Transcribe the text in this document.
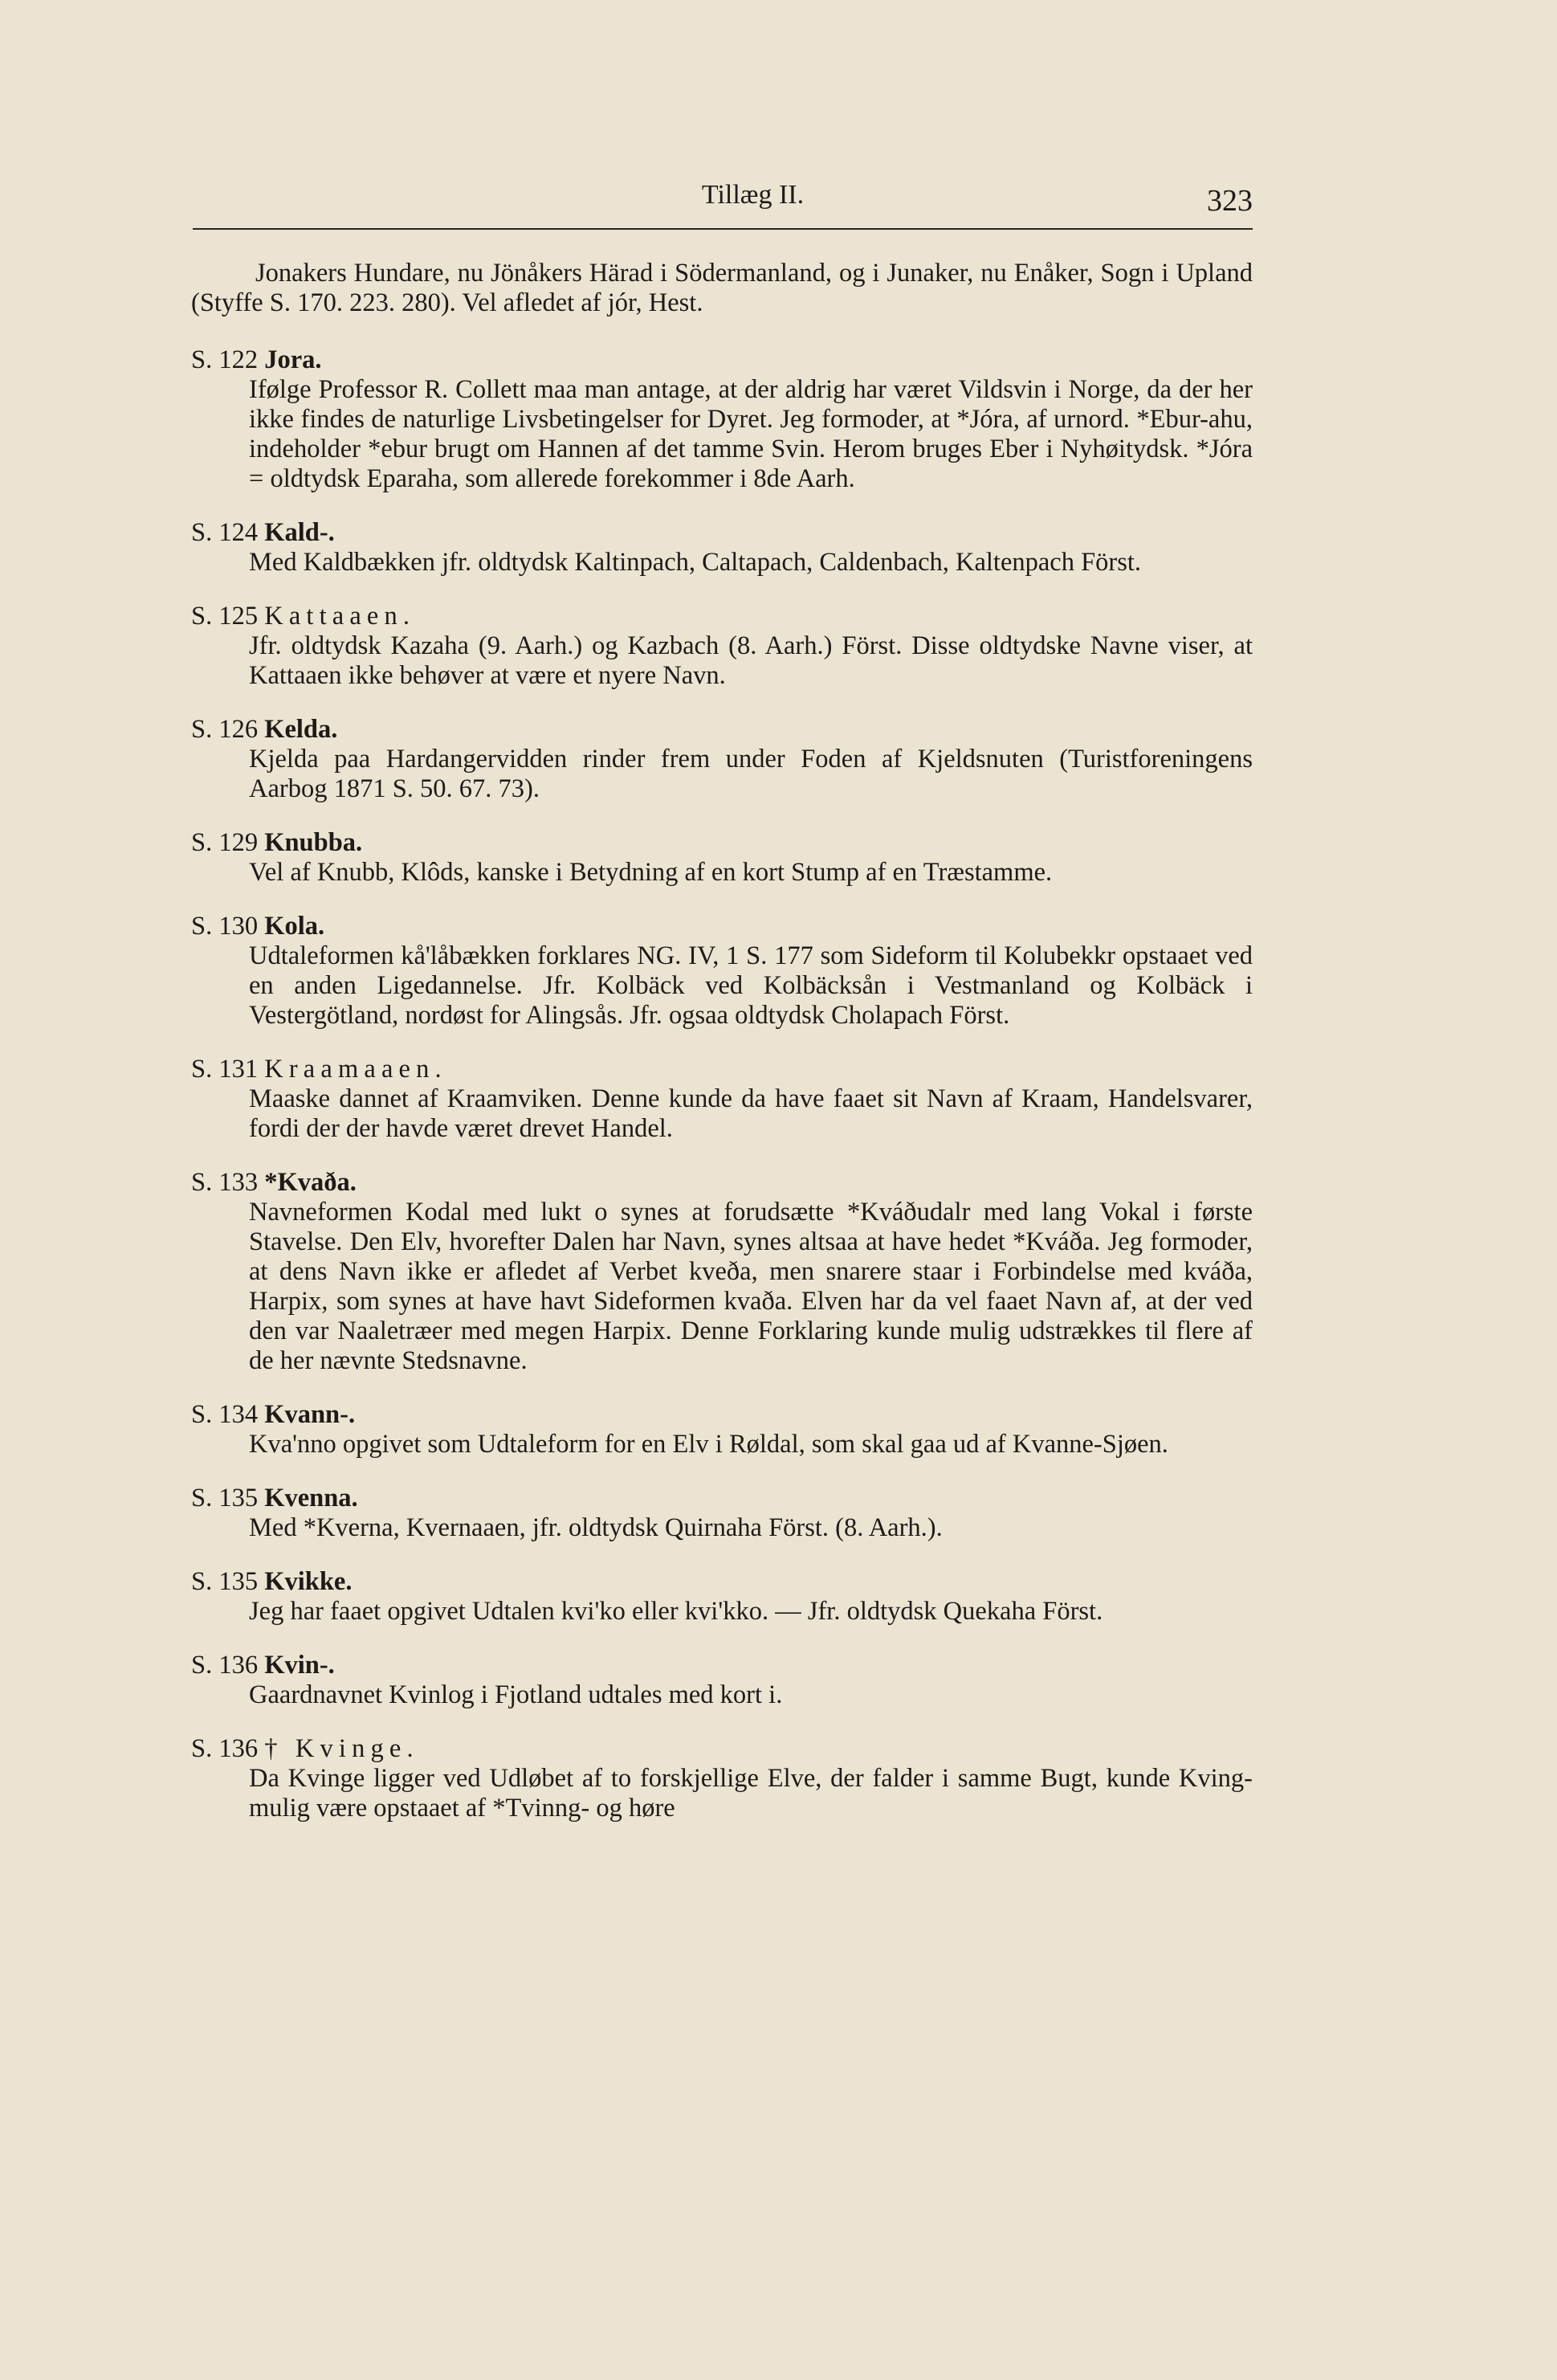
Tillæg II.	323

Jonakers Hundare, nu Jönåkers Härad i Södermanland, og i Junaker, nu Enåker, Sogn i Upland (Styffe S. 170. 223. 280). Vel afledet af jór, Hest.

S. 122 Jora.

Ifølge Professor R. Collett maa man antage, at der aldrig har været Vildsvin i Norge, da der her ikke findes de naturlige Livsbetingelser for Dyret. Jeg formoder, at *Jóra, af urnord. *Ebur-ahu, indeholder *ebur brugt om Hannen af det tamme Svin. Herom bruges Eber i Nyhøitydsk. *Jóra = oldtydsk Eparaha, som allerede forekommer i 8de Aarh.

S. 124 Kald-.

Med Kaldbækken jfr. oldtydsk Kaltinpach, Caltapach, Caldenbach, Kaltenpach Först.

S. 125 Kattaaen.

Jfr. oldtydsk Kazaha (9. Aarh.) og Kazbach (8. Aarh.) Först. Disse oldtydske Navne viser, at Kattaaen ikke behøver at være et nyere Navn.

S. 126 Kelda.

Kjelda paa Hardangervidden rinder frem under Foden af Kjeldsnuten (Turistforeningens Aarbog 1871 S. 50. 67. 73).

S. 129 Knubba.

Vel af Knubb, Klôds, kanske i Betydning af en kort Stump af en Træstamme.

S. 130 Kola.

Udtaleformen kå'låbækken forklares NG. IV, 1 S. 177 som Sideform til Kolubekkr opstaaet ved en anden Ligedannelse. Jfr. Kolbäck ved Kolbäcksån i Vestmanland og Kolbäck i Vestergötland, nordøst for Alingsås. Jfr. ogsaa oldtydsk Cholapach Först.

S. 131 Kraamaaen.

Maaske dannet af Kraamviken. Denne kunde da have faaet sit Navn af Kraam, Handelsvarer, fordi der der havde været drevet Handel.

S. 133 *Kvaða.

Navneformen Kodal med lukt o synes at forudsætte *Kváðudalr med lang Vokal i første Stavelse. Den Elv, hvorefter Dalen har Navn, synes altsaa at have hedet *Kváða. Jeg formoder, at dens Navn ikke er afledet af Verbet kveða, men snarere staar i Forbindelse med kváða, Harpix, som synes at have havt Sideformen kvaða. Elven har da vel faaet Navn af, at der ved den var Naaletræer med megen Harpix. Denne Forklaring kunde mulig udstrækkes til flere af de her nævnte Stedsnavne.

S. 134 Kvann-.

Kva'nno opgivet som Udtaleform for en Elv i Røldal, som skal gaa ud af Kvanne-Sjøen.

S. 135 Kvenna.

Med *Kverna, Kvernaaen, jfr. oldtydsk Quirnaha Först. (8. Aarh.).

S. 135 Kvikke.

Jeg har faaet opgivet Udtalen kvi'ko eller kvi'kko. — Jfr. oldtydsk Quekaha Först.

S. 136 Kvin-.

Gaardnavnet Kvinlog i Fjotland udtales med kort i.

S. 136 † Kvinge.

Da Kvinge ligger ved Udløbet af to forskjellige Elve, der falder i samme Bugt, kunde Kving- mulig være opstaaet af *Tvinng- og høre
